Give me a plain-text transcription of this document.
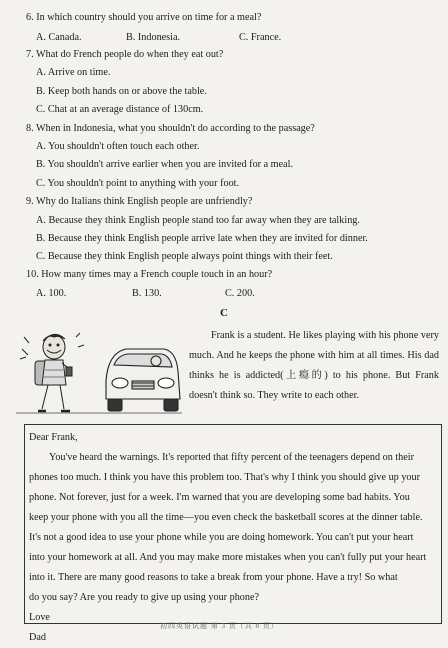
6. In which country should you arrive on time for a meal?
A. Canada.	B. Indonesia.	C. France.
7. What do French people do when they eat out?
A. Arrive on time.
B. Keep both hands on or above the table.
C. Chat at an average distance of 130cm.
8. When in Indonesia, what you shouldn't do according to the passage?
A. You shouldn't often touch each other.
B. You shouldn't arrive earlier when you are invited for a meal.
C. You shouldn't point to anything with your foot.
9. Why do Italians think English people are unfriendly?
A. Because they think English people stand too far away when they are talking.
B. Because they think English people arrive late when they are invited for dinner.
C. Because they think English people always point things with their feet.
10. How many times may a French couple touch in an hour?
A. 100.	B. 130.	C. 200.
C

Frank is a student. He likes playing with his phone very much. And he keeps the phone with him at all times. His dad thinks he is addicted(上瘾的) to his phone. But Frank doesn't think so. They write to each other.

Dear Frank,

You've heard the warnings. It's reported that fifty percent of the teenagers depend on their

phones too much. I think you have this problem too. That's why I think you should give up your

phone. Not forever, just for a week. I'm warned that you are developing some bad habits. You

keep your phone with you all the time—you even check the basketball scores at the dinner table.

It's not a good idea to use your phone while you are doing homework. You can't put your heart

into your homework at all. And you may make more mistakes when you can't fully put your heart

into it. There are many good reasons to take a break from your phone. Have a try! So what

do you say? Are you ready to give up using your phone?

Love

Dad

初四英语试题 第 3 页（共 8 页）
